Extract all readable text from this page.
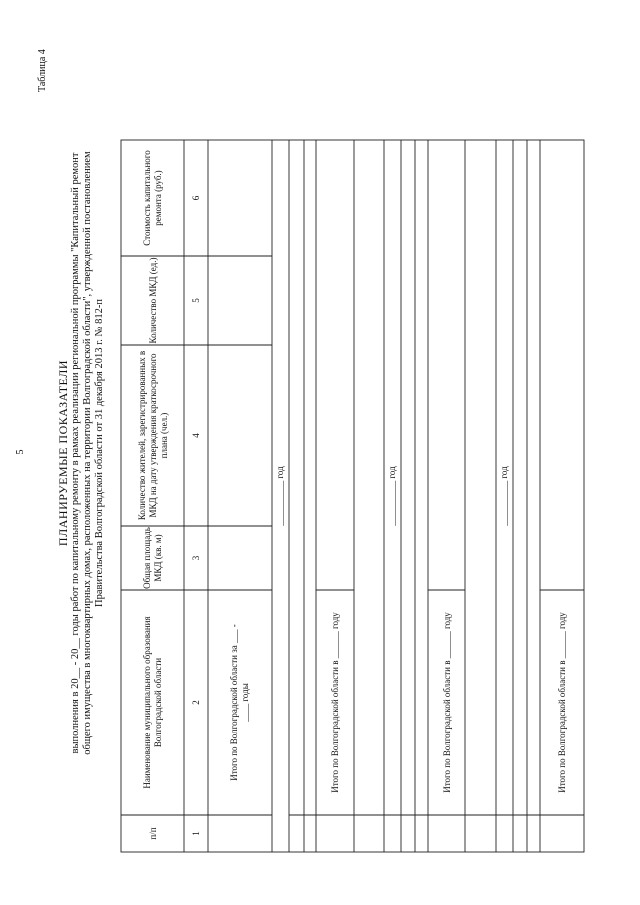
Таблица 4
5	ПЛАНИРУЕМЫЕ ПОКАЗАТЕЛИ выполнения в 20__ - 20__ годы работ по капитальному ремонту в рамках реализации региональной программы "Капитальный ремонт общего имущества в многоквартирных домах, расположенных на территории Волгоградской области", утвержденной постановлением Правительства Волгоградской области от 31 декабря 2013 г. № 812-п
п/п
Наименование муниципального образования Волгоградской области
Общая площадь МКД (кв. м)
Количество жителей, зарегистрированных в МКД на дату утверждения краткосрочного плана (чел.)
Количество МКД (ед.)
Стоимость капитального ремонта (руб.)
1
2
3
4
5
6
Итого по Волгоградской области за ___ - ____ годы
__________ год
Итого по Волгоградской области в ______ году
__________ год
Итого по Волгоградской области в ______ году
__________ год
Итого по Волгоградской области в ______ году
